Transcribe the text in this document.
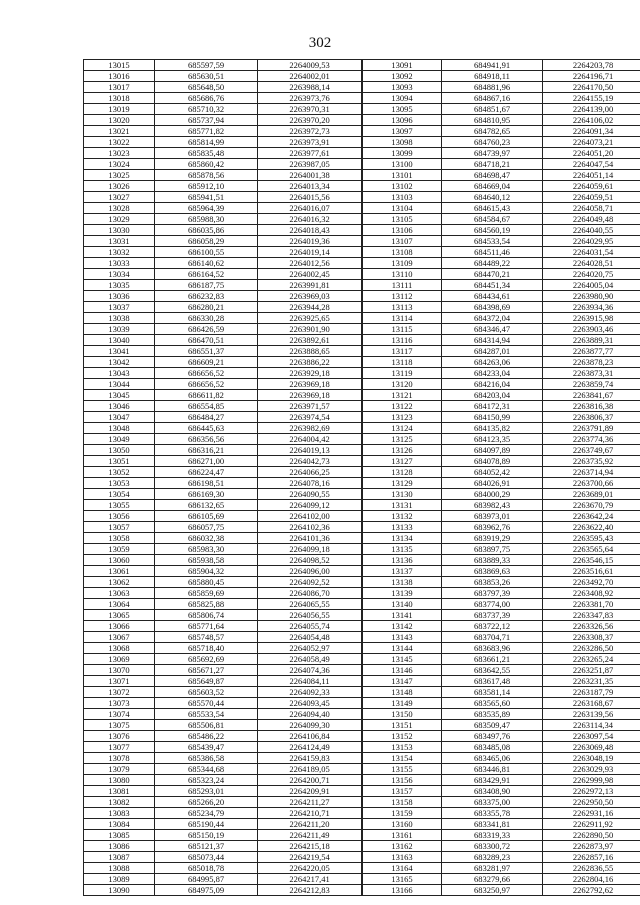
302
13015	685597,59	2264009,53
13016	685630,51	2264002,01
13017	685648,50	2263988,14
13018	685686,76	2263973,76
13019	685710,32	2263970,31
13020	685737,94	2263970,20
13021	685771,82	2263972,73
13022	685814,99	2263973,91
13023	685835,48	2263977,61
13024	685860,42	2263987,05
13025	685878,56	2264001,38
13026	685912,10	2264013,34
13027	685941,51	2264015,56
13028	685964,39	2264016,07
13029	685988,30	2264016,32
13030	686035,86	2264018,43
13031	686058,29	2264019,36
13032	686100,55	2264019,14
13033	686140,62	2264012,56
13034	686164,52	2264002,45
13035	686187,75	2263991,81
13036	686232,83	2263969,03
13037	686280,21	2263944,28
13038	686330,28	2263925,65
13039	686426,59	2263901,90
13040	686470,51	2263892,61
13041	686551,37	2263888,65
13042	686609,21	2263886,22
13043	686656,52	2263929,18
13044	686656,52	2263969,18
13045	686611,82	2263969,18
13046	686554,85	2263971,57
13047	686484,27	2263974,54
13048	686445,63	2263982,69
13049	686356,56	2264004,42
13050	686316,21	2264019,13
13051	686271,00	2264042,73
13052	686224,47	2264066,25
13053	686198,51	2264078,16
13054	686169,30	2264090,55
13055	686132,65	2264099,12
13056	686105,69	2264102,00
13057	686057,75	2264102,36
13058	686032,38	2264101,36
13059	685983,30	2264099,18
13060	685938,58	2264098,52
13061	685904,32	2264096,00
13062	685880,45	2264092,52
13063	685859,69	2264086,70
13064	685825,88	2264065,55
13065	685806,74	2264056,55
13066	685771,64	2264055,74
13067	685748,57	2264054,48
13068	685718,40	2264052,97
13069	685692,69	2264058,49
13070	685671,27	2264074,36
13071	685649,87	2264084,11
13072	685603,52	2264092,33
13073	685570,44	2264093,45
13074	685533,54	2264094,40
13075	685506,81	2264099,30
13076	685486,22	2264106,84
13077	685439,47	2264124,49
13078	685386,58	2264159,83
13079	685344,68	2264189,05
13080	685323,24	2264200,71
13081	685293,01	2264209,91
13082	685266,20	2264211,27
13083	685234,79	2264210,71
13084	685190,44	2264211,20
13085	685150,19	2264211,49
13086	685121,37	2264215,18
13087	685073,44	2264219,54
13088	685018,78	2264220,05
13089	684995,87	2264217,41
13090	684975,09	2264212,83
13091	684941,91	2264203,78
13092	684918,11	2264196,71
13093	684881,96	2264170,50
13094	684867,16	2264155,19
13095	684851,67	2264139,00
13096	684810,95	2264106,02
13097	684782,65	2264091,34
13098	684760,23	2264073,21
13099	684739,97	2264051,20
13100	684718,21	2264047,54
13101	684698,47	2264051,14
13102	684669,04	2264059,61
13103	684640,12	2264059,51
13104	684615,43	2264058,71
13105	684584,67	2264049,48
13106	684560,19	2264040,55
13107	684533,54	2264029,95
13108	684511,46	2264031,54
13109	684489,22	2264028,51
13110	684470,21	2264020,75
13111	684451,34	2264005,04
13112	684434,61	2263980,90
13113	684398,69	2263934,36
13114	684372,04	2263915,98
13115	684346,47	2263903,46
13116	684314,94	2263889,31
13117	684287,01	2263877,77
13118	684263,06	2263878,23
13119	684233,04	2263873,31
13120	684216,04	2263859,74
13121	684203,04	2263841,67
13122	684172,31	2263816,38
13123	684150,99	2263806,37
13124	684135,82	2263791,89
13125	684123,35	2263774,36
13126	684097,89	2263749,67
13127	684078,89	2263735,92
13128	684052,42	2263714,94
13129	684026,91	2263700,66
13130	684000,29	2263689,01
13131	683982,43	2263670,79
13132	683973,01	2263642,24
13133	683962,76	2263622,40
13134	683919,29	2263595,43
13135	683897,75	2263565,64
13136	683889,33	2263546,15
13137	683869,63	2263516,61
13138	683853,26	2263492,70
13139	683797,39	2263408,92
13140	683774,00	2263381,70
13141	683737,39	2263347,83
13142	683722,12	2263326,56
13143	683704,71	2263308,37
13144	683683,96	2263286,50
13145	683661,21	2263265,24
13146	683642,55	2263251,87
13147	683617,48	2263231,35
13148	683581,14	2263187,79
13149	683565,60	2263168,67
13150	683535,89	2263139,56
13151	683509,47	2263114,34
13152	683497,76	2263097,54
13153	683485,08	2263069,48
13154	683465,06	2263048,19
13155	683446,81	2263029,93
13156	683429,91	2262999,98
13157	683408,90	2262972,13
13158	683375,00	2262950,50
13159	683355,78	2262931,16
13160	683341,81	2262911,92
13161	683319,33	2262890,50
13162	683300,72	2262873,97
13163	683289,23	2262857,16
13164	683281,97	2262836,55
13165	683279,66	2262804,16
13166	683250,97	2262792,62
